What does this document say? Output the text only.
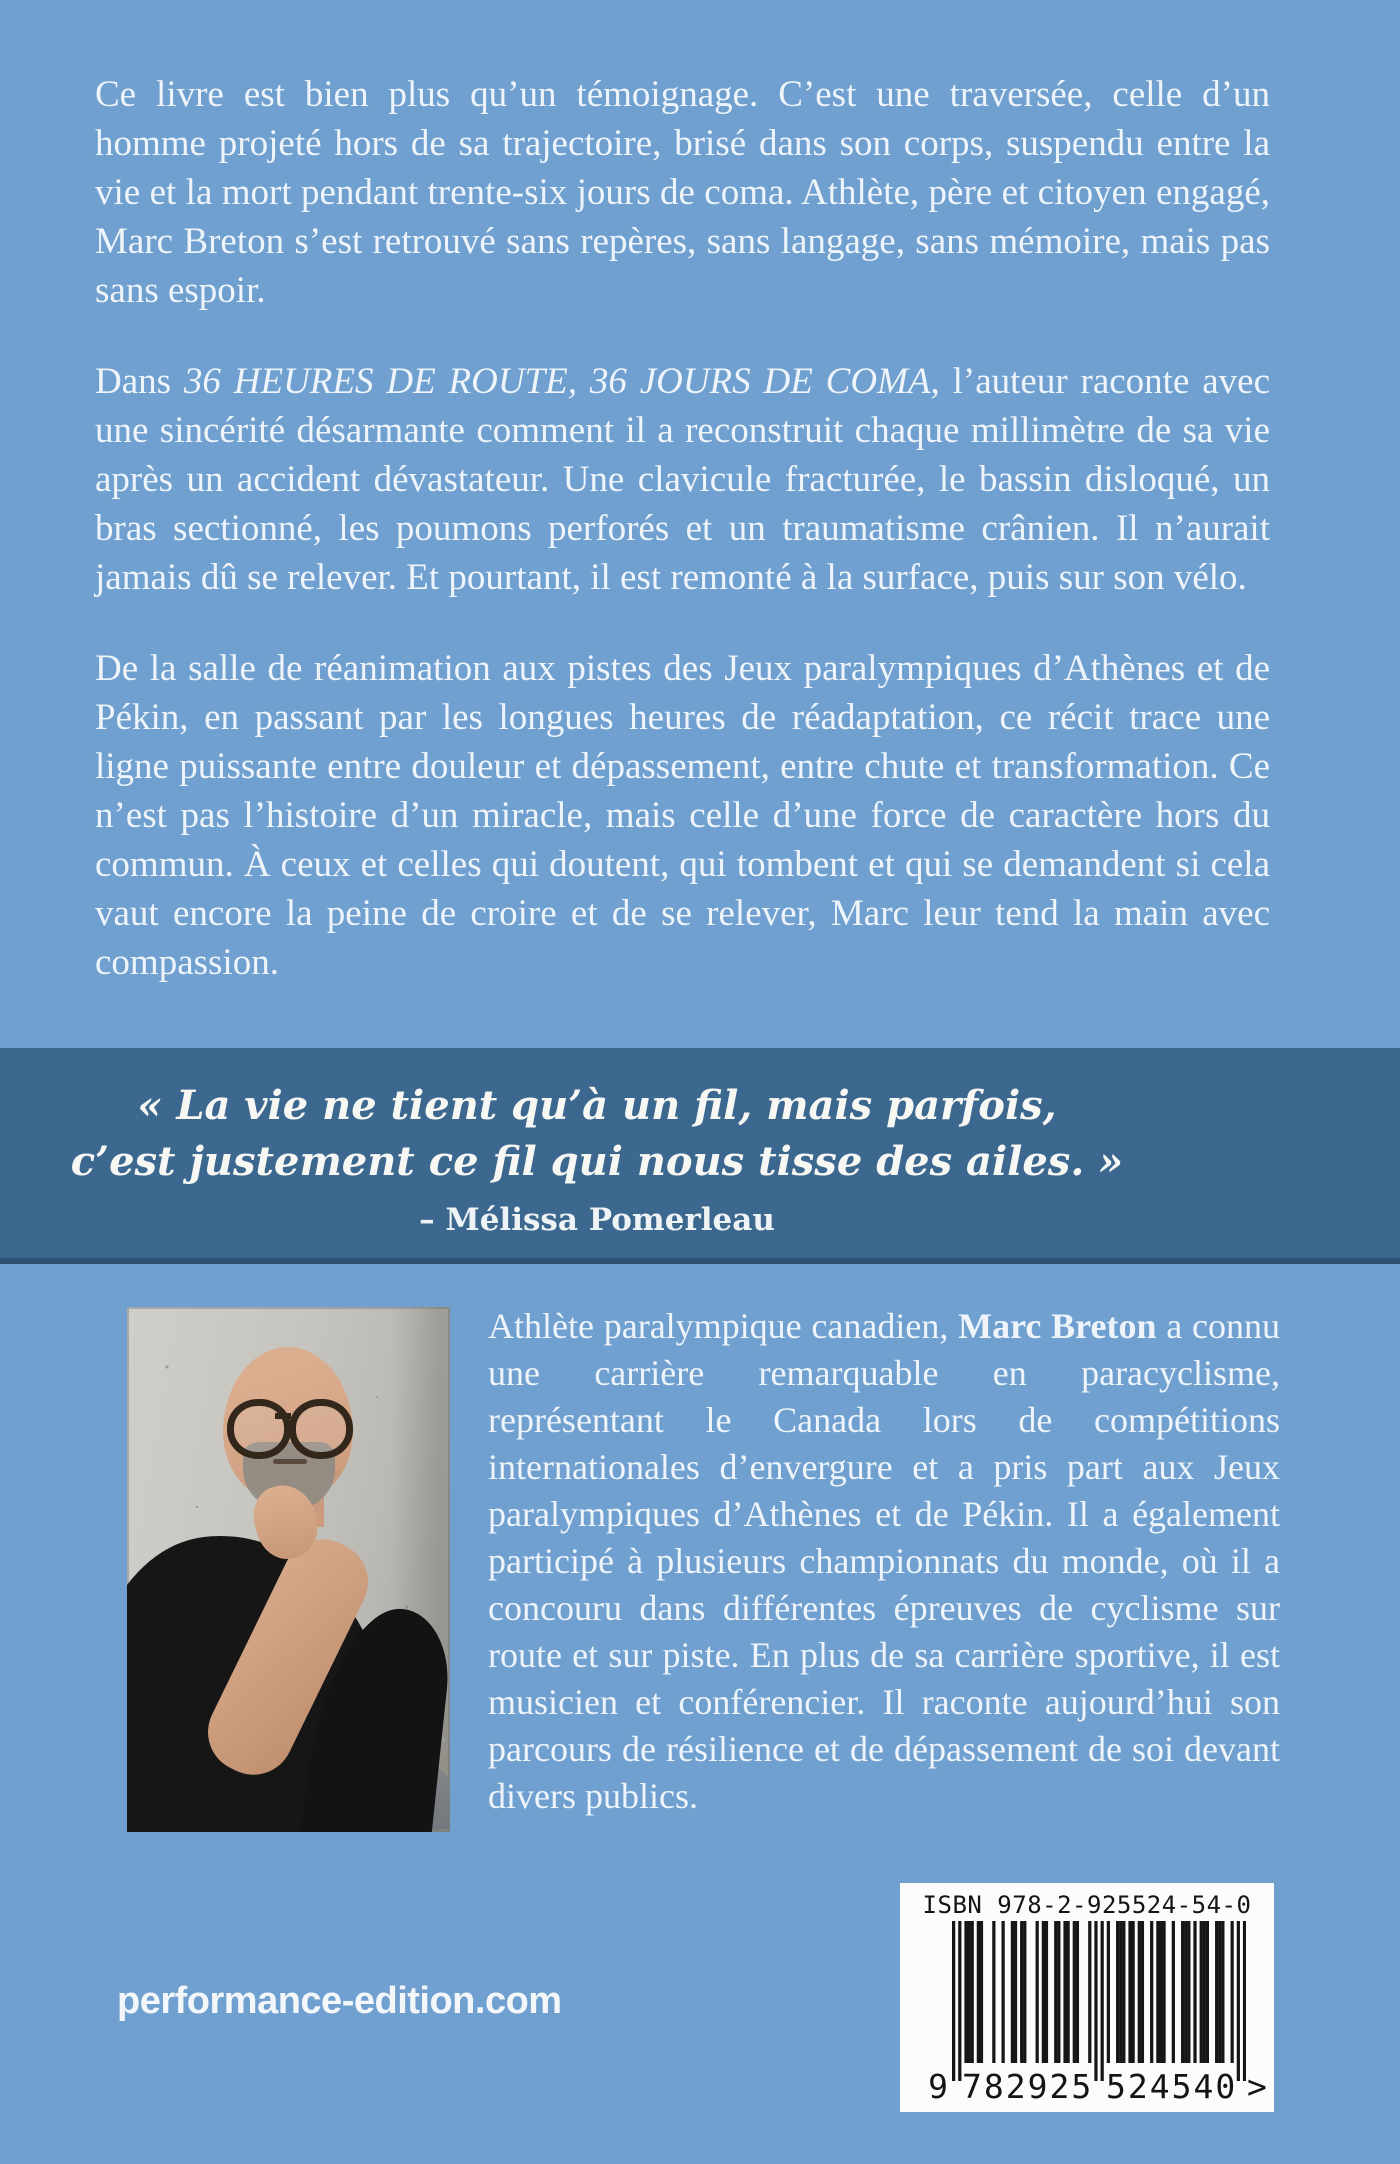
Ce livre est bien plus qu’un témoignage. C’est une traversée, celle d’un homme projeté hors de sa trajectoire, brisé dans son corps, suspendu entre la vie et la mort pendant trente-six jours de coma. Athlète, père et citoyen engagé, Marc Breton s’est retrouvé sans repères, sans langage, sans mémoire, mais pas sans espoir.

Dans 36 HEURES DE ROUTE, 36 JOURS DE COMA, l’auteur raconte avec une sincérité désarmante comment il a reconstruit chaque millimètre de sa vie après un accident dévastateur. Une clavicule fracturée, le bassin disloqué, un bras sectionné, les poumons perforés et un traumatisme crânien. Il n’aurait jamais dû se relever. Et pourtant, il est remonté à la surface, puis sur son vélo.

De la salle de réanimation aux pistes des Jeux paralympiques d’Athènes et de Pékin, en passant par les longues heures de réadaptation, ce récit trace une ligne puissante entre douleur et dépassement, entre chute et transformation. Ce n’est pas l’histoire d’un miracle, mais celle d’une force de caractère hors du commun. À ceux et celles qui doutent, qui tombent et qui se demandent si cela vaut encore la peine de croire et de se relever, Marc leur tend la main avec compassion.

« La vie ne tient qu’à un fil, mais parfois,
c’est justement ce fil qui nous tisse des ailes. »
– Mélissa Pomerleau
Athlète paralympique canadien, Marc Breton a connu une carrière remarquable en paracyclisme, représentant le Canada lors de compétitions internationales d’envergure et a pris part aux Jeux paralympiques d’Athènes et de Pékin. Il a également participé à plusieurs championnats du monde, où il a concouru dans différentes épreuves de cyclisme sur route et sur piste. En plus de sa carrière sportive, il est musicien et conférencier. Il raconte aujourd’hui son parcours de résilience et de dépassement de soi devant divers publics.
performance-edition.com
ISBN 978-2-925524-54-0
9 782925 524540 >
